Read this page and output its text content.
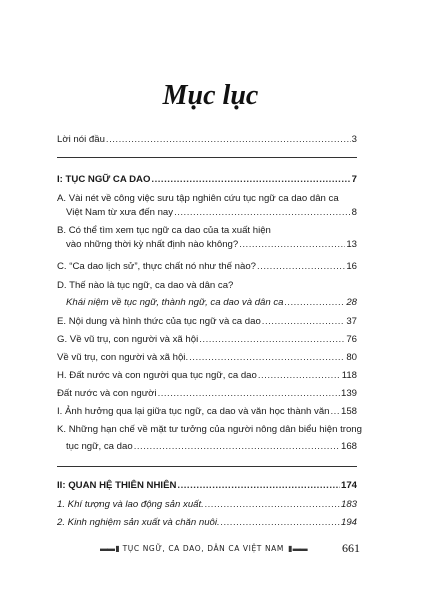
Mục lục
Lời nói đầu .....	3
I: TỤC NGỮ CA DAO .....	7
A. Vài nét về công việc sưu tập nghiên cứu tục ngữ ca dao dân ca
Việt Nam từ xưa đến nay .....	8
B. Có thể tìm xem tục ngữ ca dao của ta xuất hiện
vào những thời kỳ nhất định nào không? .....	13
C. “Ca dao lịch sử”, thực chất nó như thế nào? .....	16
D. Thế nào là tục ngữ, ca dao và dân ca?
Khái niệm về tục ngữ, thành ngữ, ca dao và dân ca .....	28
E. Nội dung và hình thức của tục ngữ và ca dao .....	37
G. Về vũ trụ, con người và xã hội .....	76
Về vũ trụ, con người và xã hội. .....	80
H. Đất nước và con người qua tục ngữ, ca dao .....	118
Đất nước và con người .....	139
I. Ảnh hưởng qua lại giữa tục ngữ, ca dao và văn học thành văn ..... 158
K. Những hạn chế về mặt tư tưởng của người nông dân biểu hiện trong
tục ngữ, ca dao .....	168
II: QUAN HỆ THIÊN NHIÊN .....	174
1. Khí tượng và lao động sản xuất. .....	183
2. Kinh nghiệm sản xuất và chăn nuôi. .....	194
▬▬ ▮ TỤC NGỮ, CA DAO, DÂN CA VIỆT NAM ▮ ▬▬	661
